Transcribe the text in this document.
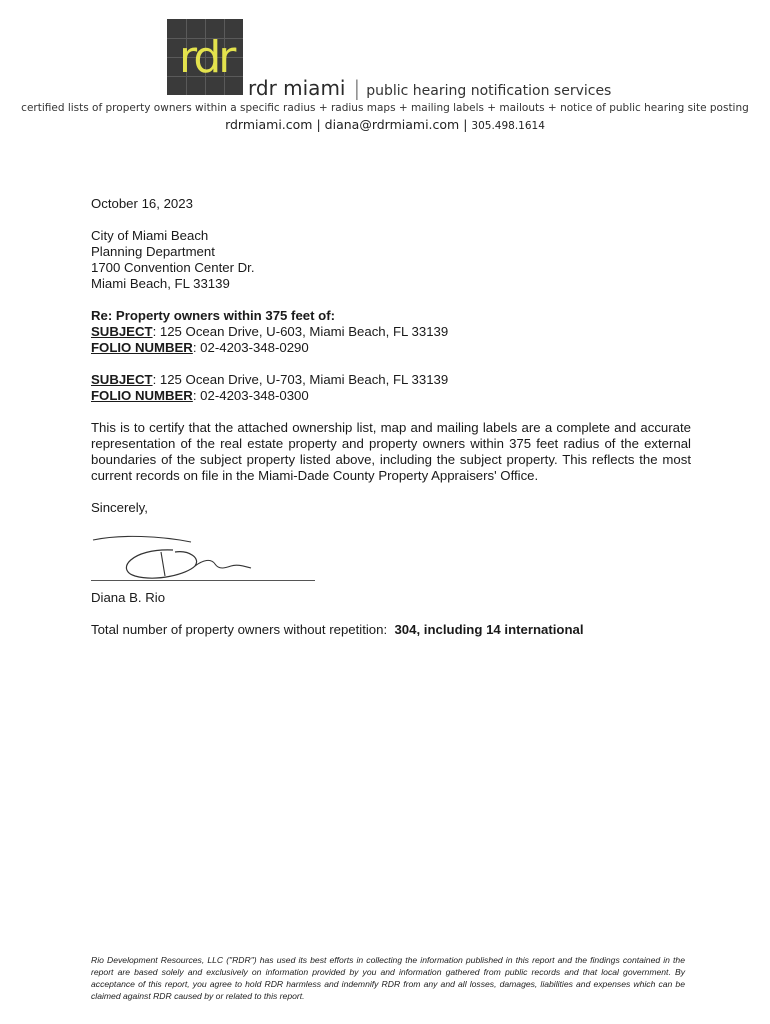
rdr
rdr miami | public hearing notification services
certified lists of property owners within a specific radius + radius maps + mailing labels + mailouts + notice of public hearing site posting
rdrmiami.com | diana@rdrmiami.com | 305.498.1614

October 16, 2023

City of Miami Beach

Planning Department

1700 Convention Center Dr.

Miami Beach, FL 33139

Re: Property owners within 375 feet of:

SUBJECT: 125 Ocean Drive, U-603, Miami Beach, FL 33139

FOLIO NUMBER: 02-4203-348-0290

SUBJECT: 125 Ocean Drive, U-703, Miami Beach, FL 33139

FOLIO NUMBER: 02-4203-348-0300

This is to certify that the attached ownership list, map and mailing labels are a complete and accurate representation of the real estate property and property owners within 375 feet radius of the external boundaries of the subject property listed above, including the subject property. This reflects the most current records on file in the Miami-Dade County Property Appraisers' Office.

Sincerely,

Diana B. Rio

Total number of property owners without repetition: 304, including 14 international

Rio Development Resources, LLC ("RDR") has used its best efforts in collecting the information published in this report and the findings contained in the report are based solely and exclusively on information provided by you and information gathered from public records and that local government. By acceptance of this report, you agree to hold RDR harmless and indemnify RDR from any and all losses, damages, liabilities and expenses which can be claimed against RDR caused by or related to this report.
